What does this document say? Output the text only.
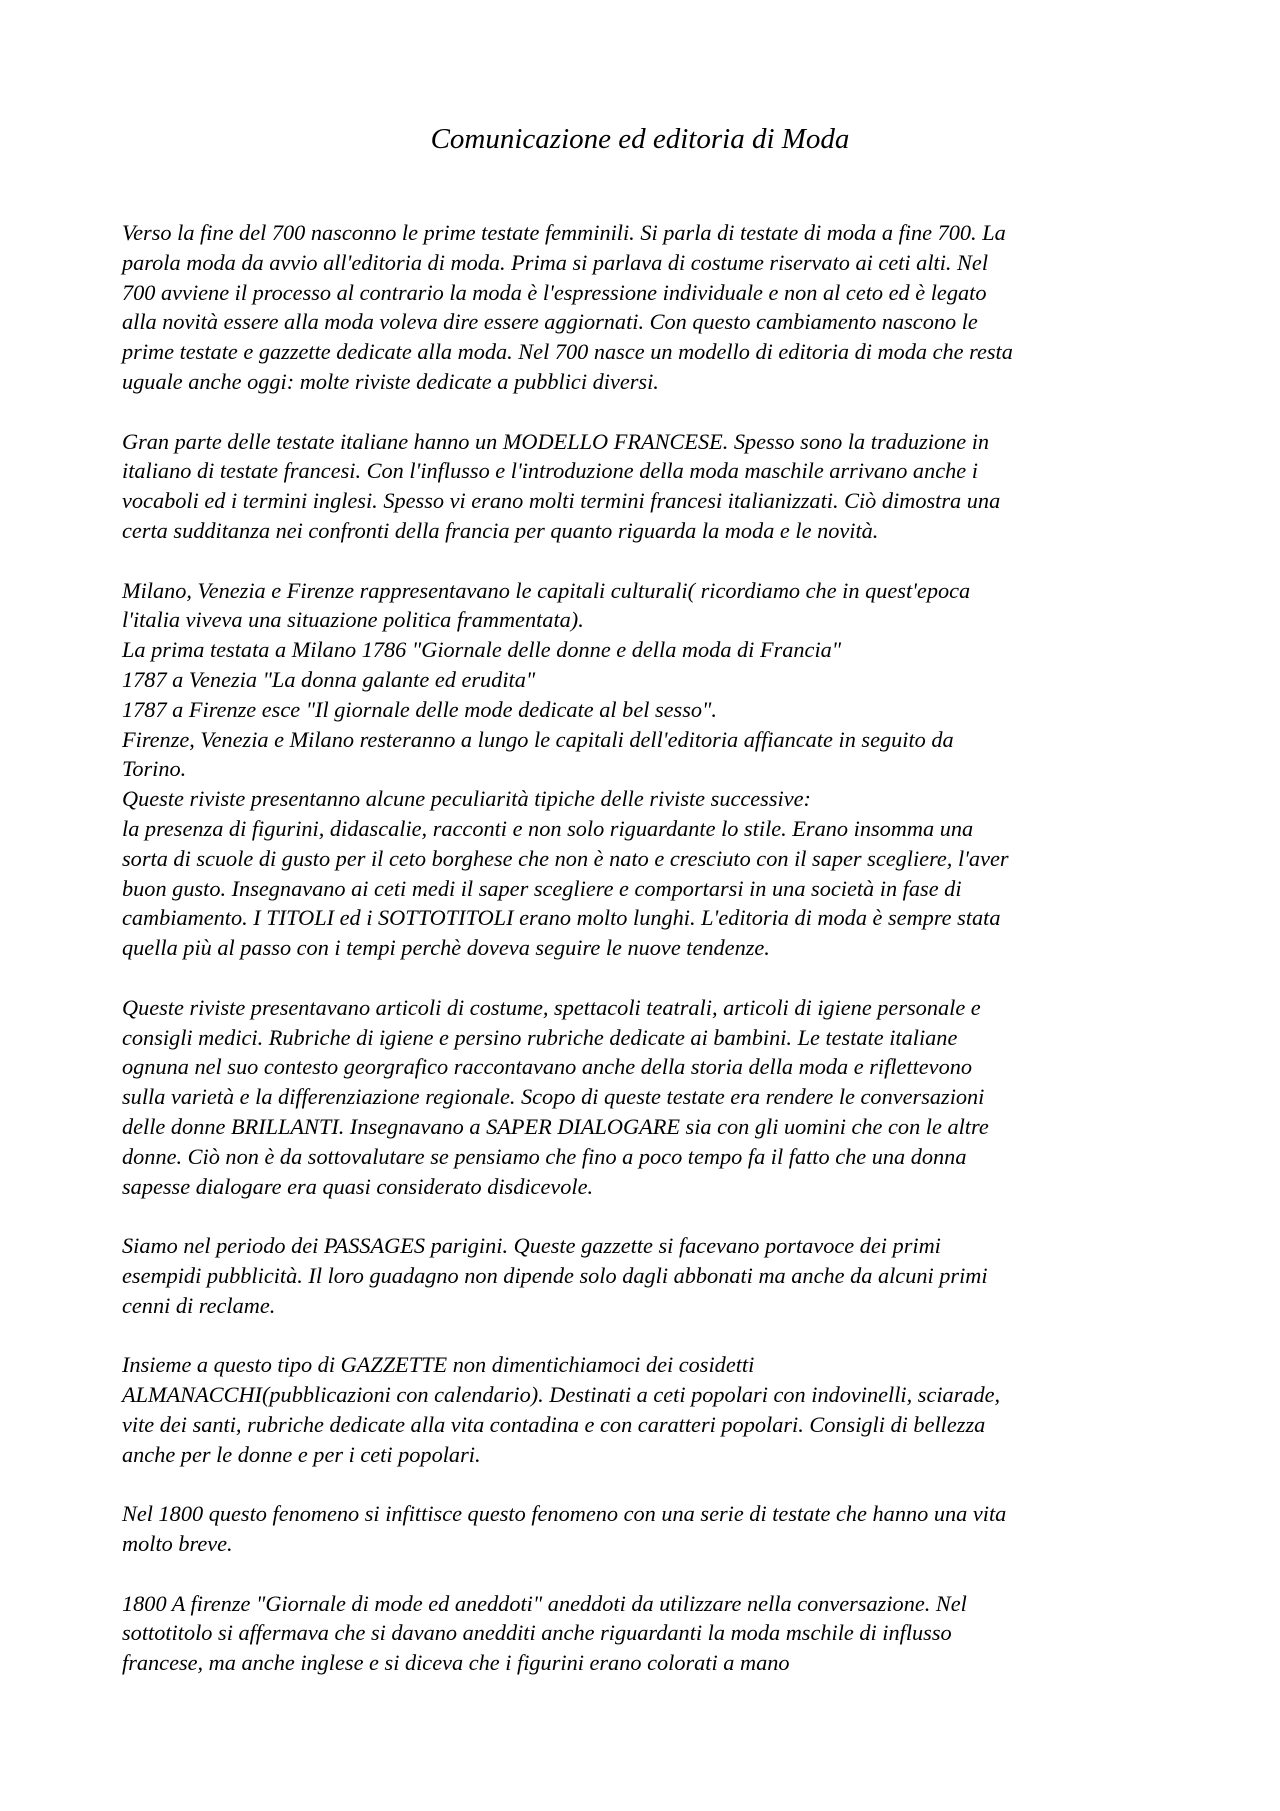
Comunicazione ed editoria di Moda

Verso la fine del 700 nasconno le prime testate femminili. Si parla di testate di moda a fine 700. La
parola moda da avvio all'editoria di moda. Prima si parlava di costume riservato ai ceti alti. Nel
700 avviene il processo al contrario la moda è l'espressione individuale e non al ceto ed è legato
alla novità essere alla moda voleva dire essere aggiornati. Con questo cambiamento nascono le
prime testate e gazzette dedicate alla moda. Nel 700 nasce un modello di editoria di moda che resta
uguale anche oggi: molte riviste dedicate a pubblici diversi.

Gran parte delle testate italiane hanno un MODELLO FRANCESE. Spesso sono la traduzione in
italiano di testate francesi. Con l'influsso e l'introduzione della moda maschile arrivano anche i
vocaboli ed i termini inglesi. Spesso vi erano molti termini francesi italianizzati. Ciò dimostra una
certa sudditanza nei confronti della francia per quanto riguarda la moda e le novità.

Milano, Venezia e Firenze rappresentavano le capitali culturali( ricordiamo che in quest'epoca
l'italia viveva una situazione politica frammentata).
La prima testata a Milano 1786 "Giornale delle donne e della moda di Francia"
1787 a Venezia "La donna galante ed erudita"
1787 a Firenze esce "Il giornale delle mode dedicate al bel sesso".
Firenze, Venezia e Milano resteranno a lungo le capitali dell'editoria affiancate in seguito da
Torino.
Queste riviste presentanno alcune peculiarità tipiche delle riviste successive:
la presenza di figurini, didascalie, racconti e non solo riguardante lo stile. Erano insomma una
sorta di scuole di gusto per il ceto borghese che non è nato e cresciuto con il saper scegliere, l'aver
buon gusto. Insegnavano ai ceti medi il saper scegliere e comportarsi in una società in fase di
cambiamento. I TITOLI ed i SOTTOTITOLI erano molto lunghi. L'editoria di moda è sempre stata
quella più al passo con i tempi perchè doveva seguire le nuove tendenze.

Queste riviste presentavano articoli di costume, spettacoli teatrali, articoli di igiene personale e
consigli medici. Rubriche di igiene e persino rubriche dedicate ai bambini. Le testate italiane
ognuna nel suo contesto georgrafico raccontavano anche della storia della moda e riflettevono
sulla varietà e la differenziazione regionale. Scopo di queste testate era rendere le conversazioni
delle donne BRILLANTI. Insegnavano a SAPER DIALOGARE sia con gli uomini che con le altre
donne. Ciò non è da sottovalutare se pensiamo che fino a poco tempo fa il fatto che una donna
sapesse dialogare era quasi considerato disdicevole.

Siamo nel periodo dei PASSAGES parigini. Queste gazzette si facevano portavoce dei primi
esempidi pubblicità. Il loro guadagno non dipende solo dagli abbonati ma anche da alcuni primi
cenni di reclame.

Insieme a questo tipo di GAZZETTE non dimentichiamoci dei cosidetti
ALMANACCHI(pubblicazioni con calendario). Destinati a ceti popolari con indovinelli, sciarade,
vite dei santi, rubriche dedicate alla vita contadina e con caratteri popolari. Consigli di bellezza
anche per le donne e per i ceti popolari.

Nel 1800 questo fenomeno si infittisce questo fenomeno con una serie di testate che hanno una vita
molto breve.

1800 A firenze "Giornale di mode ed aneddoti" aneddoti da utilizzare nella conversazione. Nel
sottotitolo si affermava che si davano anedditi anche riguardanti la moda mschile di influsso
francese, ma anche inglese e si diceva che i figurini erano colorati a mano
